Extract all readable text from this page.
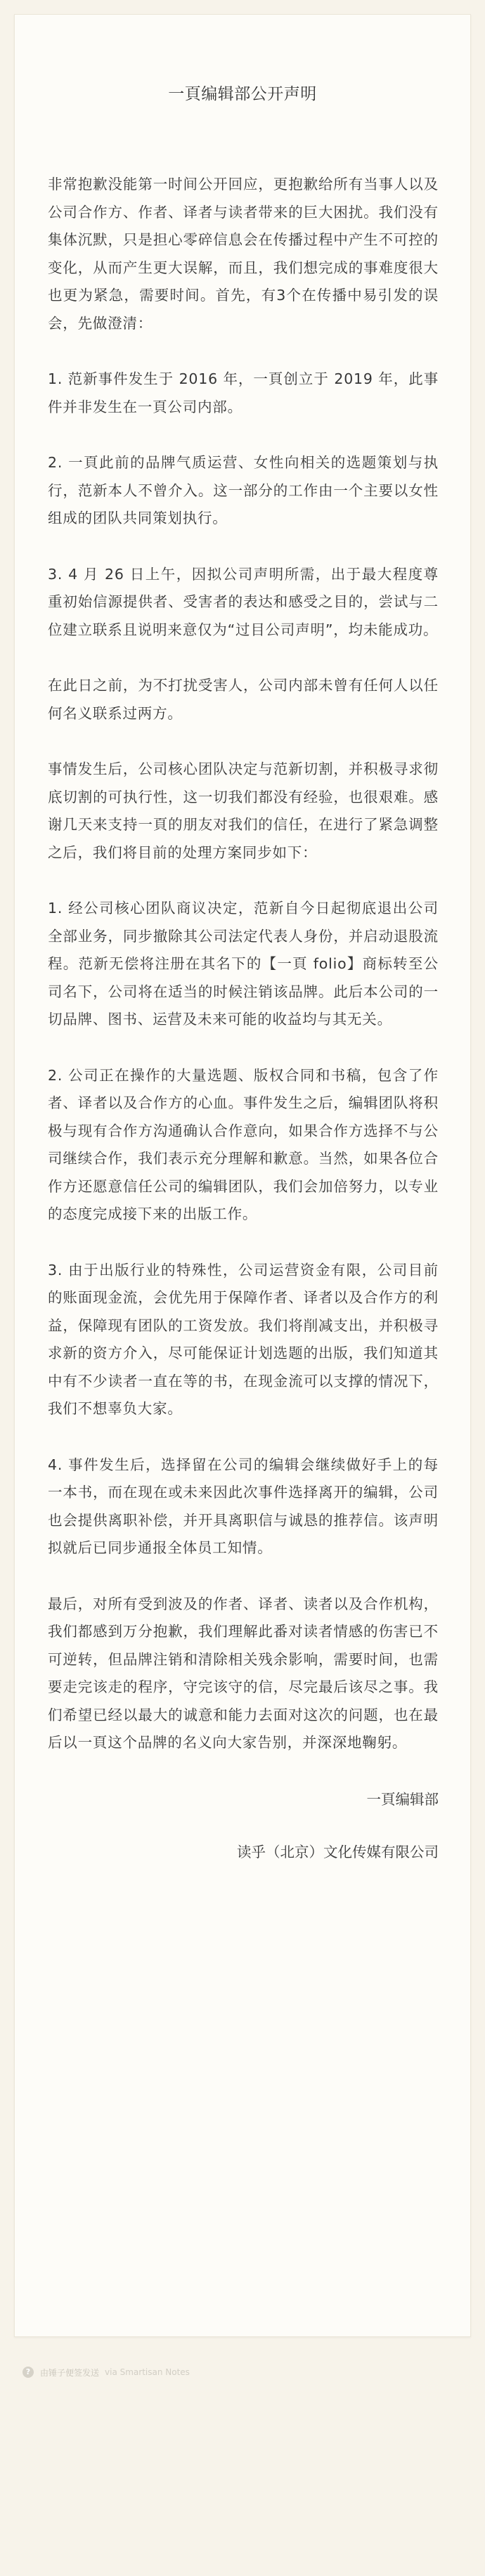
一頁编辑部公开声明

非常抱歉没能第一时间公开回应，更抱歉给所有当事人以及公司合作方、作者、译者与读者带来的巨大困扰。我们没有集体沉默，只是担心零碎信息会在传播过程中产生不可控的变化，从而产生更大误解，而且，我们想完成的事难度很大也更为紧急，需要时间。首先，有3个在传播中易引发的误会，先做澄清：

1. 范新事件发生于 2016 年，一頁创立于 2019 年，此事件并非发生在一頁公司内部。

2. 一頁此前的品牌气质运营、女性向相关的选题策划与执行，范新本人不曾介入。这一部分的工作由一个主要以女性组成的团队共同策划执行。

3. 4 月 26 日上午，因拟公司声明所需，出于最大程度尊重初始信源提供者、受害者的表达和感受之目的，尝试与二位建立联系且说明来意仅为“过目公司声明”，均未能成功。

在此日之前，为不打扰受害人，公司内部未曾有任何人以任何名义联系过两方。

事情发生后，公司核心团队决定与范新切割，并积极寻求彻底切割的可执行性，这一切我们都没有经验，也很艰难。感谢几天来支持一頁的朋友对我们的信任，在进行了紧急调整之后，我们将目前的处理方案同步如下：

1. 经公司核心团队商议决定，范新自今日起彻底退出公司全部业务，同步撤除其公司法定代表人身份，并启动退股流程。范新无偿将注册在其名下的【一頁 folio】商标转至公司名下，公司将在适当的时候注销该品牌。此后本公司的一切品牌、图书、运营及未来可能的收益均与其无关。

2. 公司正在操作的大量选题、版权合同和书稿，包含了作者、译者以及合作方的心血。事件发生之后，编辑团队将积极与现有合作方沟通确认合作意向，如果合作方选择不与公司继续合作，我们表示充分理解和歉意。当然，如果各位合作方还愿意信任公司的编辑团队，我们会加倍努力，以专业的态度完成接下来的出版工作。

3. 由于出版行业的特殊性，公司运营资金有限，公司目前的账面现金流，会优先用于保障作者、译者以及合作方的利益，保障现有团队的工资发放。我们将削减支出，并积极寻求新的资方介入，尽可能保证计划选题的出版，我们知道其中有不少读者一直在等的书，在现金流可以支撑的情况下，我们不想辜负大家。

4. 事件发生后，选择留在公司的编辑会继续做好手上的每一本书，而在现在或未来因此次事件选择离开的编辑，公司也会提供离职补偿，并开具离职信与诚恳的推荐信。该声明拟就后已同步通报全体员工知情。

最后，对所有受到波及的作者、译者、读者以及合作机构，我们都感到万分抱歉，我们理解此番对读者情感的伤害已不可逆转，但品牌注销和清除相关残余影响，需要时间，也需要走完该走的程序，守完该守的信，尽完最后该尽之事。我们希望已经以最大的诚意和能力去面对这次的问题，也在最后以一頁这个品牌的名义向大家告别，并深深地鞠躬。

一頁编辑部
读乎（北京）文化传媒有限公司
?	由锤子便签发送 via Smartisan Notes
